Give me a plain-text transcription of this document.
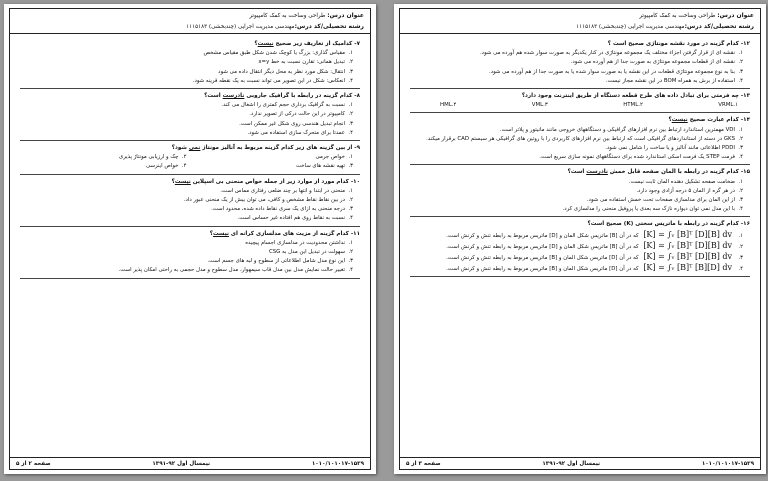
عنوان درس: طراحی وساخت به کمک کامپیوتر
رشته تحصیلی/کد درس:مهندسی مدیریت اجرایی (چندبخشی) ۱۱۱۵۱۸۳
۷- کدامیک از تعاریف زیر صحیح نیست؟
۱.مقیاس گذاری: بزرگ یا کوچک شدن شکل طبق مقیاس مشخص
۲.تبدیل همانی: تقارن نسبت به خط x=y
۳.انتقال: شکل مورد نظر به محل دیگر انتقال داده می شود
۴.انعکاس: شکل در این تصویر می تواند نسبت به یک نقطه قرینه شود.
۸- کدام گزینه در رابطه با گرافیک جاروبی نادرست است؟
۱.نسبت به گرافیک برداری حجم کمتری را اشغال می کند.
۲.کامپیوتر در این حالت درکی از تصویر ندارد.
۳.انجام تبدیل هندسی روی شکل غیر ممکن است.
۴.عمدتا برای متحرک سازی استفاده می شود.
۹- از بین گزینه های زیر کدام گزینه مربوط به آنالیز مونتاژ نمی شود؟
۱.خواص جرمی
۲.چک و ارزیابی مونتاژ پذیری
۳.تهیه نقشه های ساخت
۴.خواص اینرسی
۱۰- کدام مورد از موارد زیر از جمله خواص منحنی بی اسپلاین نیست؟
۱.منحنی در ابتدا و انتها بر چند ضلعی رفتاری مماس است.
۲.در بین نقاط نقاط مشخص و کافی، می توان بیش از یک منحنی عبور داد.
۳.درجه منحنی به ازای یک سری نقاط داده شده، محدود است.
۴.نسبت به نقاط روی هم افتاده غیر حساس است.
۱۱- کدام گزینه از مزیت های مدلسازی کرانه ای نیست؟
۱.نداشتن محدودیت در مدلسازی اجسام پیچیده
۲.سهولت در تبدیل این مدل به CSG
۳.این نوع مدل شامل اطلاعاتی از سطوح و لبه های جسم است.
۴.تغییر حالت نمایش مدل بین مدل قاب سیمهوار، مدل سطوح و مدل حجمی به راحتی امکان پذیر است.
۱۰۱۰/۱۰۱۰۱۷-۱۵۲۹
نیمسال اول ۹۲-۱۳۹۱
صفحه ۲ از ۵
عنوان درس: طراحی وساخت به کمک کامپیوتر
رشته تحصیلی/کد درس:مهندسی مدیریت اجرایی (چندبخشی) ۱۱۱۵۱۸۳
۱۲- کدام گزینه در مورد نقشه مونتاژی صحیح است ؟
۱.نقشه ای از قرار گرفتن اجزاء مختلف یک مجموعه مونتاژی در کنار یکدیگر به صورت سوار شده هم آورده می شود.
۲.نقشه ای از قطعات مجموعه مونتاژی به صورت جدا از هم آورده می شود.
۳.بنا به نوع مجموعه مونتاژی قطعات در این نقشه یا به صورت سوار شده یا به صورت جدا از هم آورده می شود.
۴.استفاده از برش به همراه BOM در این نقشه مجاز نیست.
۱۳- چه فرمتی برای تبادل داده های طرح قطعه دستگاه از طریق اینترنت وجود دارد؟
۱.VRML
۲.HTML
۳.VML
۴.HML
۱۴- کدام عبارت صحیح نیست؟
۱.VDI مهمترین استاندارد ارتباط بین نرم افزارهای گرافیکی و دستگاههای خروجی مانند مانیتور و پلاتر است.
۲.GKS در دسته از استانداردهای گرافیکی است که ارتباط بین نرم افزارهای کاربردی را با روتین های گرافیکی هر سیستم CAD برقرار میکند.
۳.PDDI اطلاعاتی مانند آنالیز و یا ساخت را شامل نمی شود.
۴.فرمت STEP یک فرمت اسکی استاندارد شده برای دستگاههای نمونه سازی سریع است.
۱۵- کدام گزینه در رابطه با المان صفحه قابل خمش نادرست است؟
۱.ضخامت صفحه تشکیل دهنده المان ثابت نیست.
۲.در هر گره از المان ۵ درجه آزادی وجود دارد.
۳.از این المان برای مدلسازی صفحات تحت خمش استفاده می شود.
۴.با این مدل نمی توان دیواره نازک سه بعدی یا پروفیل منحنی را مدلسازی کرد.
۱۶- کدام گزینه در رابطه با ماتریس سختی (K) صحیح است؟
۱.[K] = ∫ᵥ [B]ᵀ [D][B] dv که در آن [B] ماتریس شکل المان و [D] ماتریس مربوط به رابطه تنش و کرنش است.
۲.[K] = ∫ᵥ [B]ᵀ [D][B] dv که در آن [B] ماتریس شکل المان و [D] ماتریس مربوط به رابطه تنش و کرنش است.
۳.[K] = ∫ᵥ [B]ᵀ [D][B] dv که در آن [D] ماتریس شکل المان و [B] ماتریس مربوط به رابطه تنش و کرنش است.
۴.[K] = ∫ᵥ [B]ᵀ [B][D] dv که در آن [D] ماتریس شکل المان و [B] ماتریس مربوط به رابطه تنش و کرنش است.
۱۰۱۰/۱۰۱۰۱۷-۱۵۲۹
نیمسال اول ۹۲-۱۳۹۱
صفحه ۳ از ۵
